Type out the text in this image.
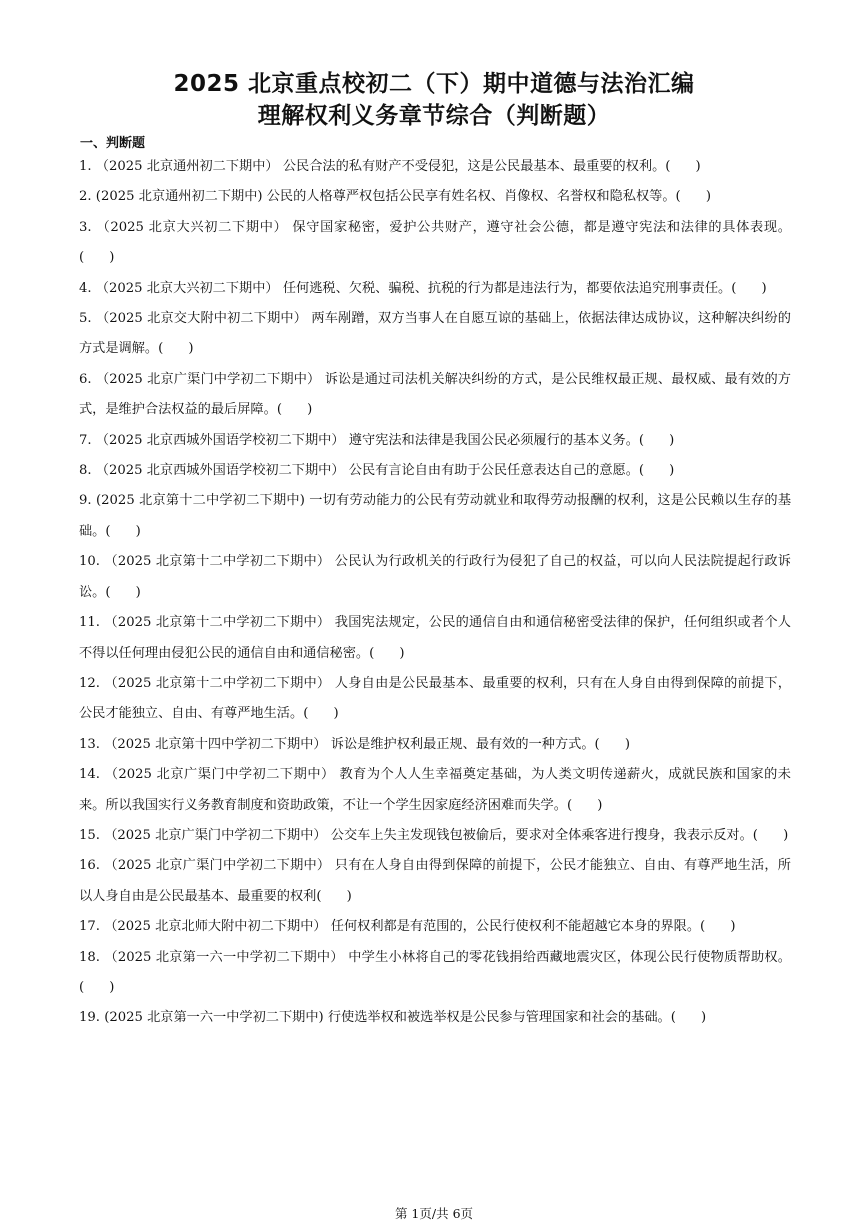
2025 北京重点校初二（下）期中道德与法治汇编
理解权利义务章节综合（判断题）
一、判断题
1. （2025 北京通州初二下期中） 公民合法的私有财产不受侵犯，这是公民最基本、最重要的权利。(      )
2. (2025 北京通州初二下期中) 公民的人格尊严权包括公民享有姓名权、肖像权、名誉权和隐私权等。(      )
3. （2025 北京大兴初二下期中） 保守国家秘密，爱护公共财产，遵守社会公德，都是遵守宪法和法律的具体表现。(      )
4. （2025 北京大兴初二下期中） 任何逃税、欠税、骗税、抗税的行为都是违法行为，都要依法追究刑事责任。(      )
5. （2025 北京交大附中初二下期中） 两车剐蹭，双方当事人在自愿互谅的基础上，依据法律达成协议，这种解决纠纷的方式是调解。(      )
6. （2025 北京广渠门中学初二下期中） 诉讼是通过司法机关解决纠纷的方式，是公民维权最正规、最权威、最有效的方式，是维护合法权益的最后屏障。(      )
7. （2025 北京西城外国语学校初二下期中） 遵守宪法和法律是我国公民必须履行的基本义务。(      )
8. （2025 北京西城外国语学校初二下期中） 公民有言论自由有助于公民任意表达自己的意愿。(      )
9. (2025 北京第十二中学初二下期中) 一切有劳动能力的公民有劳动就业和取得劳动报酬的权利，这是公民赖以生存的基础。(      )
10. （2025 北京第十二中学初二下期中） 公民认为行政机关的行政行为侵犯了自己的权益，可以向人民法院提起行政诉讼。(      )
11. （2025 北京第十二中学初二下期中） 我国宪法规定，公民的通信自由和通信秘密受法律的保护，任何组织或者个人不得以任何理由侵犯公民的通信自由和通信秘密。(      )
12. （2025 北京第十二中学初二下期中） 人身自由是公民最基本、最重要的权利，只有在人身自由得到保障的前提下，公民才能独立、自由、有尊严地生活。(      )
13. （2025 北京第十四中学初二下期中） 诉讼是维护权利最正规、最有效的一种方式。(      )
14. （2025 北京广渠门中学初二下期中） 教育为个人人生幸福奠定基础，为人类文明传递薪火，成就民族和国家的未来。所以我国实行义务教育制度和资助政策，不让一个学生因家庭经济困难而失学。(      )
15. （2025 北京广渠门中学初二下期中） 公交车上失主发现钱包被偷后，要求对全体乘客进行搜身，我表示反对。(      )
16. （2025 北京广渠门中学初二下期中） 只有在人身自由得到保障的前提下，公民才能独立、自由、有尊严地生活，所以人身自由是公民最基本、最重要的权利(      )
17. （2025 北京北师大附中初二下期中） 任何权利都是有范围的，公民行使权利不能超越它本身的界限。(      )
18. （2025 北京第一六一中学初二下期中） 中学生小林将自己的零花钱捐给西藏地震灾区，体现公民行使物质帮助权。(      )
19. (2025 北京第一六一中学初二下期中) 行使选举权和被选举权是公民参与管理国家和社会的基础。(      )
第 1页/共 6页
